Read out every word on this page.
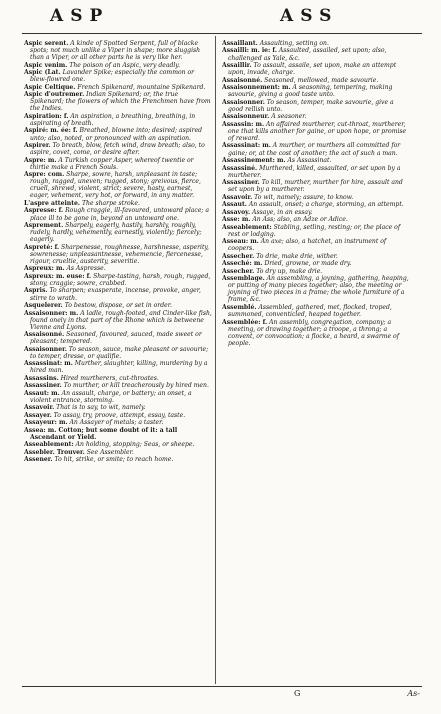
ASP	ASS
Aspic serent. A kinde of Spotted Serpent, full of blacke spots; not much unlike a Viper in shape; more sluggish than a Viper, or all other parts he is very like her.
Aspic venim. The poison of an Aspic, very deadly.
Aspic (Lat. Lavander Spike; especially the common or blew-flowred one.
Aspic Celtique. French Spikenard, mountaine Spikenard.
Aspic d'outremer. Indian Spikenard; or, the true Spikenard; the flowers of which the Frenchmen have from the Indies.
Aspiration: f. An aspiration, a breathing, breathing, in aspirating of breath.
Aspiré: m. ée: f. Breathed, blowne into; desired; aspired unto; also, noted, or pronounced with an aspiration.
Aspirer. To breath, blow, fetch wind, draw breath; also, to aspire, covet, come, or desire after.
Aspre: m. A Turkish copper Asper, whereof twentie or thirtie make a French Souls.
Aspre: com. Sharpe, sowre, harsh, unpleasant in taste; rough, ragged, uneven; rugged, stony; greivous, fierce, cruell, shrewd, violent, strict; severe, hasty, earnest, eager, vehement, very hot, or forward, in any matter.
L'aspre atteinte. The sharpe stroke.
Aspresse: f. Rough craggie, ill-favoured, untoward place; a place ill to be gone in, beyond an untoward one.
Asprement. Sharpely, eagerly, hastily, harshly, roughly, rudely, hardly, vehemently, earnestly, violently; fiercely; eagerly.
Aspreté: f. Sharpenesse, roughnesse, harshnesse, asperity, sowrenesse; unpleasantnesse, vehemencie, fiercenesse, rigour, crueltie, austerity, severitie.
Aspreux: m. As Aspresse.
Aspreux: m. euse: f. Sharpe-tasting, harsh, rough, rugged, stony, craggie; sowre, crabbed.
Aspris. To sharpen; exasperate, incense, provoke, anger, stirre to wrath.
Asquelerer. To bestow, dispose, or set in order.
Assaisonner: m. A ladle, rough-footed, and Cinder-like fish, found onely in that part of the Rhone which is betweene Vienne and Lyons.
Assaisonné. Seasoned, favoured, sauced, made sweet or pleasant; tempered.
Assaisonner. To season, sauce, make pleasant or savourie; to temper, dresse, or qualifie.
Assassinat: m. Murther, slaughter, killing, murdering by a hired man.
Assassins. Hired murtherers, cut-throates.
Assassiner. To murther, or kill treacherously by hired men.
Assaut: m. An assault, charge, or battery; an onset, a violent entrance, storming.
Assavoir. That is to say, to wit, namely.
Assayer. To assay, try, proove, attempt, essay, taste.
Assayeur: m. An Assayer of metals; a taster.
Assea: m. Cotton; but some doubt of it: a tall Ascendant or Yield.
Asseablement: An holding, stopping; Seas, or sheepe.
Assebler. Trouver. See Assembler.
Assener. To hit, strike, or smite; to reach home.
Assaillant. Assaulting, setting on.
Assailli: m. ie: f. Assaulted, assailed, set upon; also, challenged as Yale, &c.
Assaillir. To assault, assaile, set upon, make an attempt upon, invade, charge.
Assaisonné. Seasoned, mellowed, made savourie.
Assaisonnement: m. A seasoning, tempering, making savourie, giving a good taste unto.
Assaisonner. To season, temper, make savourie, give a good rellish unto.
Assaisonneur. A seasoner.
Assassin: m. An affaired murtherer, cut-throat, murtherer, one that kills another for gaine, or upon hope, or promise of reward.
Assassinat: m. A murther, or murthers all committed for gaine; or, at the cost of another; the act of such a man.
Assassinement: m. As Assassinat.
Assassiné. Murthered, killed, assaulted, or set upon by a murtherer.
Assassiner. To kill, murther, murther for hire, assault and set upon by a murtherer.
Assavoir. To wit, namely; assure, to know.
Assaut. An assault, onset; a charge, storming, an attempt.
Assavoy. Assaye, in an essay.
Asse: m. An Ass; also, an Adze or Adice.
Asseablement: Stabling, setling, resting; or, the place of rest or lodging.
Asseau: m. An axe; also, a hatchet, an instrument of coopers.
Assecher. To drie, make drie, wither.
Asseché: m. Dried, growne, or made dry.
Assecher. To dry up, make drie.
Assemblage. An assembling, a joyning, gathering, heaping, or putting of many pieces together; also, the meeting or joyning of two pieces in a frame; the whole furniture of a frame, &c.
Assemblé. Assembled, gathered, met, flocked, troped, summoned, conventicled, heaped together.
Assemblée: f. An assembly, congregation, company; a meeting, or drawing together; a troope, a throng; a convent, or convocation; a flocke, a heard, a swarme of people.
G	As-
